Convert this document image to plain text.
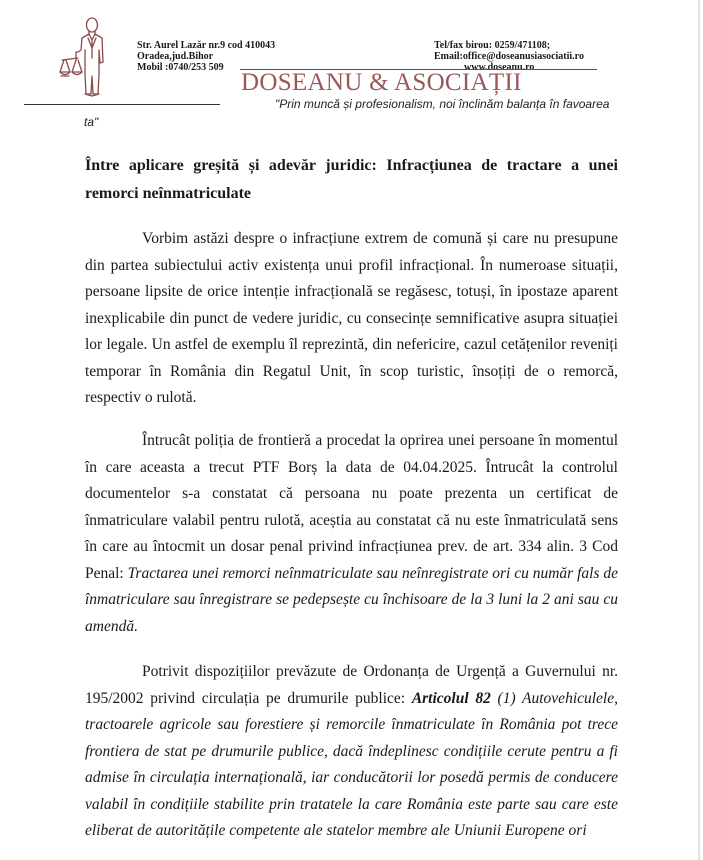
Str. Aurel Lazăr nr.9 cod 410043
Oradea,jud.Bihor
Mobil :0740/253 509
Tel/fax birou: 0259/471108;
Email:office@doseanusiasociatii.ro
www.doseanu.ro
DOSEANU & ASOCIAȚII
"Prin muncă și profesionalism, noi înclinăm balanța în favoarea
ta"
Între aplicare greșită și adevăr juridic: Infracțiunea de tractare a unei remorci neînmatriculate

Vorbim astăzi despre o infracțiune extrem de comună și care nu presupune din partea subiectului activ existența unui profil infracțional. În numeroase situații, persoane lipsite de orice intenție infracțională se regăsesc, totuși, în ipostaze aparent inexplicabile din punct de vedere juridic, cu consecințe semnificative asupra situației lor legale. Un astfel de exemplu îl reprezintă, din nefericire, cazul cetățenilor reveniți temporar în România din Regatul Unit, în scop turistic, însoțiți de o remorcă, respectiv o rulotă.

Întrucât poliția de frontieră a procedat la oprirea unei persoane în momentul în care aceasta a trecut PTF Borș la data de 04.04.2025. Întrucât la controlul documentelor s-a constatat că persoana nu poate prezenta un certificat de înmatriculare valabil pentru rulotă, aceștia au constatat că nu este înmatriculată sens în care au întocmit un dosar penal privind infracțiunea prev. de art. 334 alin. 3 Cod Penal: Tractarea unei remorci neînmatriculate sau neînregistrate ori cu număr fals de înmatriculare sau înregistrare se pedepsește cu închisoare de la 3 luni la 2 ani sau cu amendă.

Potrivit dispozițiilor prevăzute de Ordonanța de Urgență a Guvernului nr. 195/2002 privind circulația pe drumurile publice: Articolul 82 (1) Autovehiculele, tractoarele agricole sau forestiere și remorcile înmatriculate în România pot trece frontiera de stat pe drumurile publice, dacă îndeplinesc condițiile cerute pentru a fi admise în circulația internațională, iar conducătorii lor posedă permis de conducere valabil în condițiile stabilite prin tratatele la care România este parte sau care este eliberat de autoritățile competente ale statelor membre ale Uniunii Europene ori
